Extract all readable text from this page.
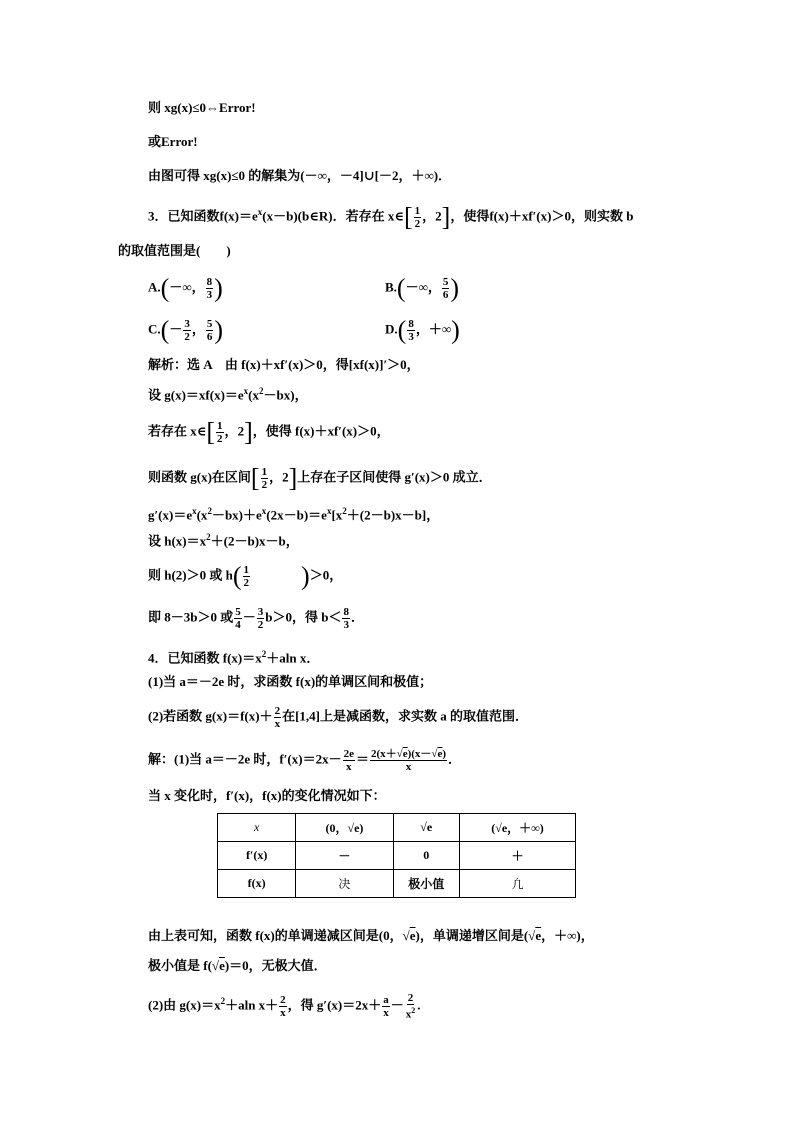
则 xg(x)≤0⇔Error!
或Error!
由图可得 xg(x)≤0 的解集为(－∞，－4]∪[－2，＋∞)．
3．已知函数$f(x)=e^x(x-b)(b\in R)$．若存在 x∈[ $\frac{1}{2}$ ，2]，使得f(x)＋xf′(x)＞0，则实数 b
的取值范围是(　　)
A.(－∞， $\frac{8}{3}$ )	B.(－∞， $\frac{5}{6}$ )
$C.(- \frac{3}{2}$ ， $\frac{5}{6}$ )	$D.( \frac{8}{3}$ ，＋∞)
解析：选 A　由 f(x)＋xf′(x)＞0，得[xf(x)]′＞0，
设 $g(x)=xf(x)=e^x(x^2-bx)$，
若存在 x∈[ $\frac{1}{2}$ ，2]，使得 f(x)＋xf′(x)＞0，
则函数 g(x)在区间[ $\frac{1}{2}$ ，2]上存在子区间使得 g′(x)＞0 成立．
$g'(x)=e^x(x^2-bx)+e^x(2x-b)=e^x[x^2+(2-b)x-b]$，
设 $h(x)=x^2+(2-b)x-b$，
则 h(2)＞0 或 $h( \frac{1}{2} )>0$，
即 8－3b＞0 或 $\frac{5}{4} - \frac{3}{2} b>0$，得 $b< \frac{8}{3}$ ．
4．已知函数 $f(x)=x^2+aln$ x．
(1)当 a＝－2e 时，求函数 f(x)的单调区间和极值；
(2)若函数 $g(x)=f(x)+ \frac{2}{x}$ 在[1,4]上是减函数，求实数 a 的取值范围．
解：(1)当 a＝－2e 时，$f'(x)=2x- \frac{2e}{x} = \frac{2(x+√e)(x-√e)}{x}$ ．
当 x 变化时，f′(x)，f(x)的变化情况如下：
x	(0，√e)	√e	(√e，＋∞)
f′(x)	－	0	＋
f(x)	决	极小值	凢
由上表可知，函数 f(x)的单调递减区间是(0，√e)，单调递增区间是(√e，＋∞)，
极小值是 f(√e)＝0，无极大值．
(2)由 $g(x)=x^2+aln$ $x+ \frac{2}{x}$ ，得 $g'(x)=2x+ \frac{a}{x} - \frac{2}{x^2}$ .
